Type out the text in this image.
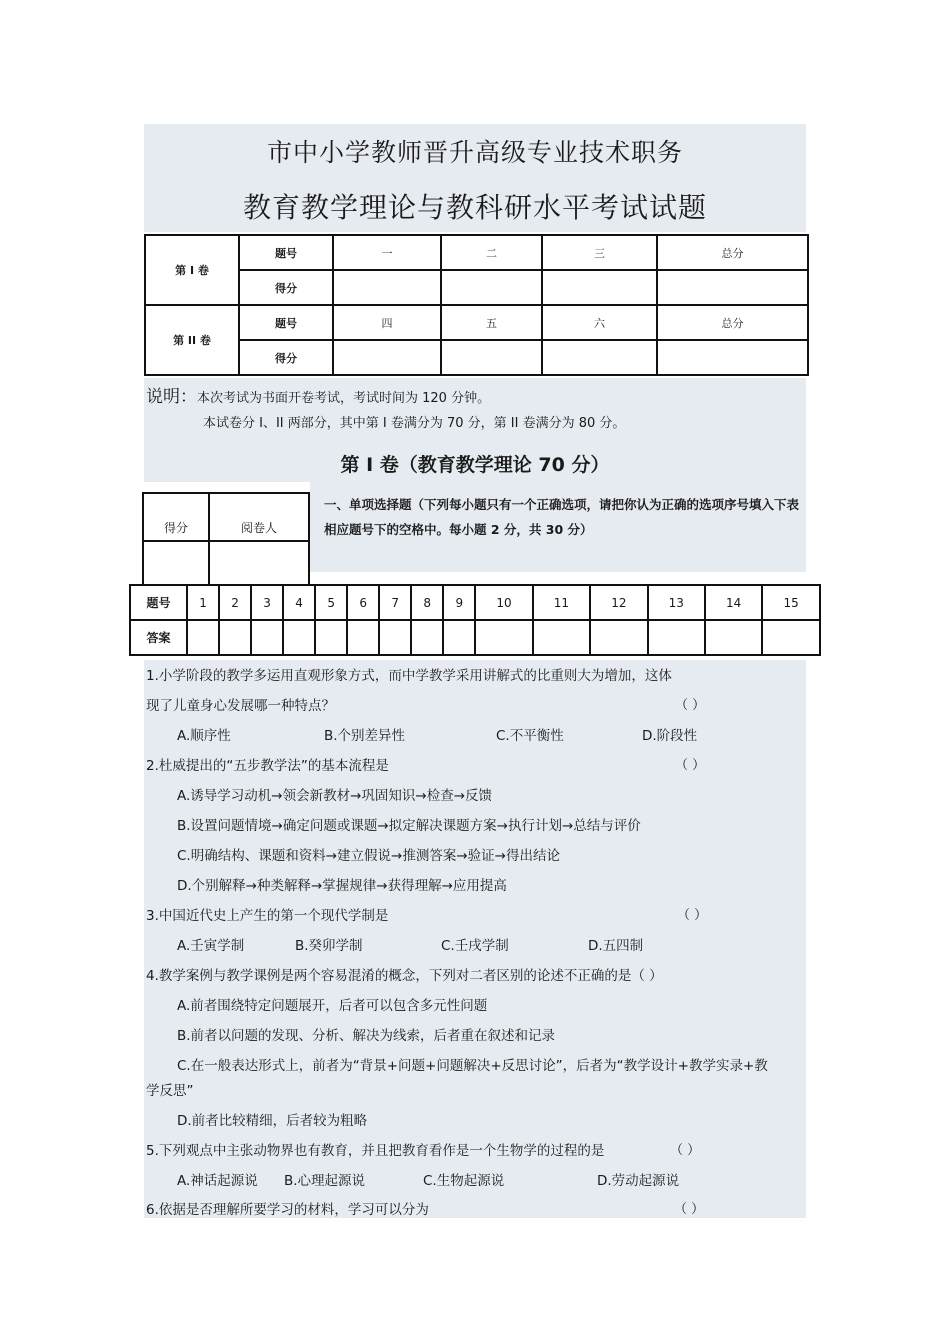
市中小学教师晋升高级专业技术职务
教育教学理论与教科研水平考试试题
第 I 卷	题号	一	二	三	总分
	得分				
第 II 卷	题号	四	五	六	总分
	得分				
说明：本次考试为书面开卷考试，考试时间为 120 分钟。
本试卷分 I、II 两部分，其中第 I 卷满分为 70 分，第 II 卷满分为 80 分。
第 I 卷（教育教学理论 70 分）
得分	阅卷人

一、单项选择题（下列每小题只有一个正确选项，请把你认为正确的选项序号填入下表相应题号下的空格中。每小题 2 分，共 30 分）
题号	1	2	3	4	5	6	7	8	9	10	11	12	13	14	15
答案															
1.小学阶段的教学多运用直观形象方式，而中学教学采用讲解式的比重则大为增加，这体
现了儿童身心发展哪一种特点？	（ ）
A.顺序性	B.个别差异性	C.不平衡性	D.阶段性
2.杜威提出的“五步教学法”的基本流程是	（ ）
A.诱导学习动机→领会新教材→巩固知识→检查→反馈
B.设置问题情境→确定问题或课题→拟定解决课题方案→执行计划→总结与评价
C.明确结构、课题和资料→建立假说→推测答案→验证→得出结论
D.个别解释→种类解释→掌握规律→获得理解→应用提高
3.中国近代史上产生的第一个现代学制是	（ ）
A.壬寅学制	B.癸卯学制	C.壬戌学制	D.五四制
4.教学案例与教学课例是两个容易混淆的概念，下列对二者区别的论述不正确的是（ ）
A.前者围绕特定问题展开，后者可以包含多元性问题
B.前者以问题的发现、分析、解决为线索，后者重在叙述和记录
C.在一般表达形式上，前者为“背景+问题+问题解决+反思讨论”，后者为“教学设计+教学实录+教
学反思”
D.前者比较精细，后者较为粗略
5.下列观点中主张动物界也有教育，并且把教育看作是一个生物学的过程的是	（ ）
A.神话起源说 B.心理起源说	C.生物起源说	D.劳动起源说
6.依据是否理解所要学习的材料，学习可以分为	（ ）
